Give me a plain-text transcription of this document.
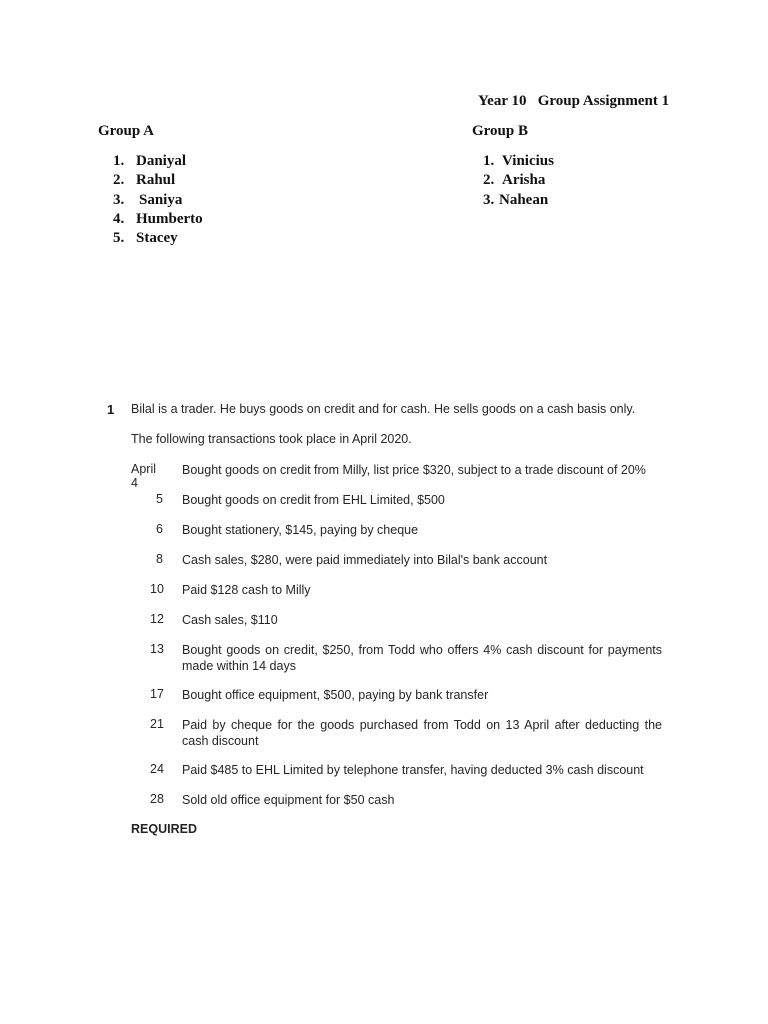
Year 10   Group Assignment 1
Group A	Group B
1. Daniyal
2. Rahul
3. Saniya
4. Humberto
5. Stacey
1. Vinicius
2. Arisha
3. Nahean
1 Bilal is a trader. He buys goods on credit and for cash. He sells goods on a cash basis only.
The following transactions took place in April 2020.
April 4
Bought goods on credit from Milly, list price $320, subject to a trade discount of 20%
5 Bought goods on credit from EHL Limited, $500
6 Bought stationery, $145, paying by cheque
8 Cash sales, $280, were paid immediately into Bilal's bank account
10 Paid $128 cash to Milly
12 Cash sales, $110
13 Bought goods on credit, $250, from Todd who offers 4% cash discount for payments made within 14 days
17 Bought office equipment, $500, paying by bank transfer
21 Paid by cheque for the goods purchased from Todd on 13 April after deducting the cash discount
24 Paid $485 to EHL Limited by telephone transfer, having deducted 3% cash discount
28 Sold old office equipment for $50 cash
REQUIRED
